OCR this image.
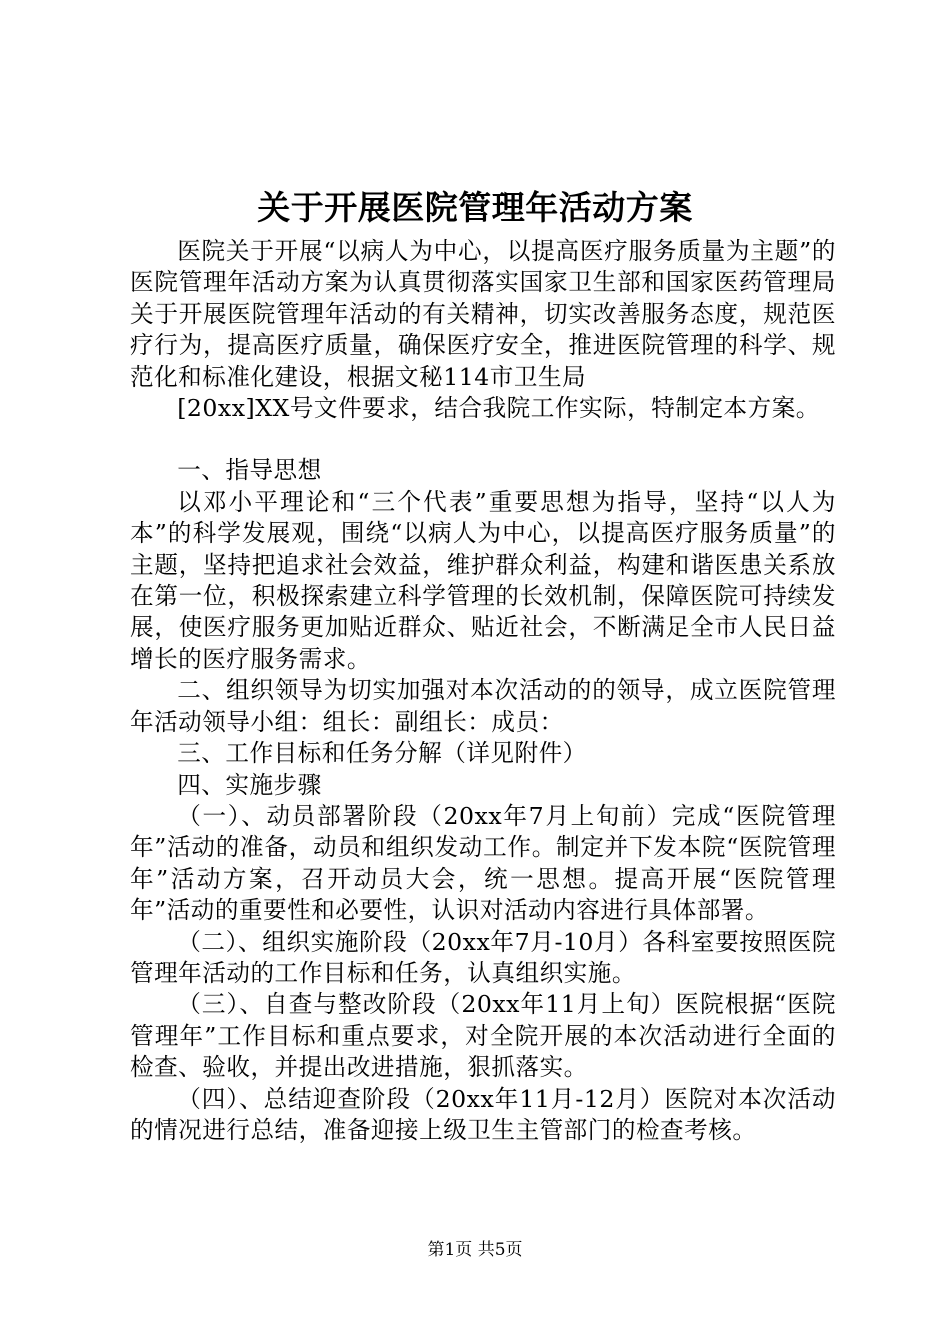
关于开展医院管理年活动方案

医院关于开展“以病人为中心，以提高医疗服务质量为主题”的医院管理年活动方案为认真贯彻落实国家卫生部和国家医药管理局关于开展医院管理年活动的有关精神，切实改善服务态度，规范医疗行为，提高医疗质量，确保医疗安全，推进医院管理的科学、规范化和标准化建设，根据文秘114市卫生局

[20xx]XX号文件要求，结合我院工作实际，特制定本方案。

一、指导思想

以邓小平理论和“三个代表”重要思想为指导，坚持“以人为本”的科学发展观，围绕“以病人为中心，以提高医疗服务质量”的主题，坚持把追求社会效益，维护群众利益，构建和谐医患关系放在第一位，积极探索建立科学管理的长效机制，保障医院可持续发展，使医疗服务更加贴近群众、贴近社会，不断满足全市人民日益增长的医疗服务需求。

二、组织领导为切实加强对本次活动的的领导，成立医院管理年活动领导小组：组长：副组长：成员：

三、工作目标和任务分解（详见附件）

四、实施步骤

（一）、动员部署阶段（20xx年7月上旬前）完成“医院管理年”活动的准备，动员和组织发动工作。制定并下发本院“医院管理年”活动方案，召开动员大会，统一思想。提高开展“医院管理年”活动的重要性和必要性，认识对活动内容进行具体部署。

（二）、组织实施阶段（20xx年7月-10月）各科室要按照医院管理年活动的工作目标和任务，认真组织实施。

（三）、自查与整改阶段（20xx年11月上旬）医院根据“医院管理年”工作目标和重点要求，对全院开展的本次活动进行全面的检查、验收，并提出改进措施，狠抓落实。

（四）、总结迎查阶段（20xx年11月-12月）医院对本次活动的情况进行总结，准备迎接上级卫生主管部门的检查考核。

第1页 共5页
